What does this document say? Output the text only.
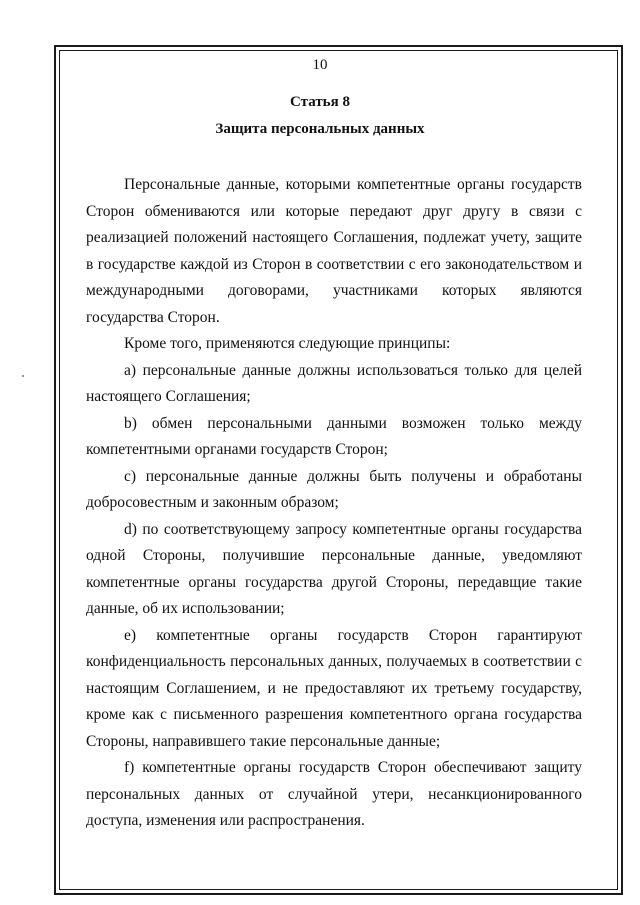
10
Статья 8
Защита персональных данных

Персональные данные, которыми компетентные органы государств Сторон обмениваются или которые передают друг другу в связи с реализацией положений настоящего Соглашения, подлежат учету, защите в государстве каждой из Сторон в соответствии с его законодательством и международными договорами, участниками которых являются государства Сторон.

Кроме того, применяются следующие принципы:

а) персональные данные должны использоваться только для целей настоящего Соглашения;

b) обмен персональными данными возможен только между компетентными органами государств Сторон;

с) персональные данные должны быть получены и обработаны добросовестным и законным образом;

d) по соответствующему запросу компетентные органы государства одной Стороны, получившие персональные данные, уведомляют компетентные органы государства другой Стороны, передавщие такие данные, об их использовании;

е) компетентные органы государств Сторон гарантируют конфиденциальность персональных данных, получаемых в соответствии с настоящим Соглашением, и не предоставляют их третьему государству, кроме как с письменного разрешения компетентного органа государства Стороны, направившего такие персональные данные;

f) компетентные органы государств Сторон обеспечивают защиту персональных данных от случайной утери, несанкционированного доступа, изменения или распространения.
